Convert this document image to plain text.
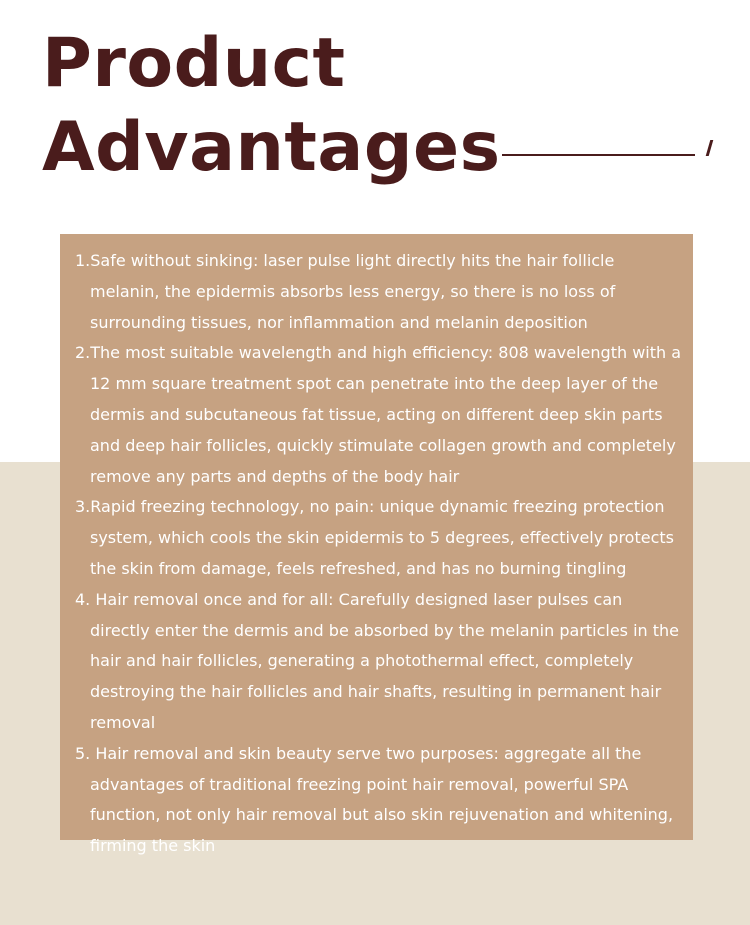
Product
Advantages

1.Safe without sinking: laser pulse light directly hits the hair follicle melanin, the epidermis absorbs less energy, so there is no loss of surrounding tissues, nor inflammation and melanin deposition

2.The most suitable wavelength and high efficiency: 808 wavelength with a 12 mm square treatment spot can penetrate into the deep layer of the dermis and subcutaneous fat tissue, acting on different deep skin parts and deep hair follicles, quickly stimulate collagen growth and completely remove any parts and depths of the body hair

3.Rapid freezing technology, no pain: unique dynamic freezing protection system, which cools the skin epidermis to 5 degrees, effectively protects the skin from damage, feels refreshed, and has no burning tingling

4. Hair removal once and for all: Carefully designed laser pulses can directly enter the dermis and be absorbed by the melanin particles in the hair and hair follicles, generating a photothermal effect, completely destroying the hair follicles and hair shafts, resulting in permanent hair removal

5. Hair removal and skin beauty serve two purposes: aggregate all the advantages of traditional freezing point hair removal, powerful SPA function, not only hair removal but also skin rejuvenation and whitening, firming the skin
